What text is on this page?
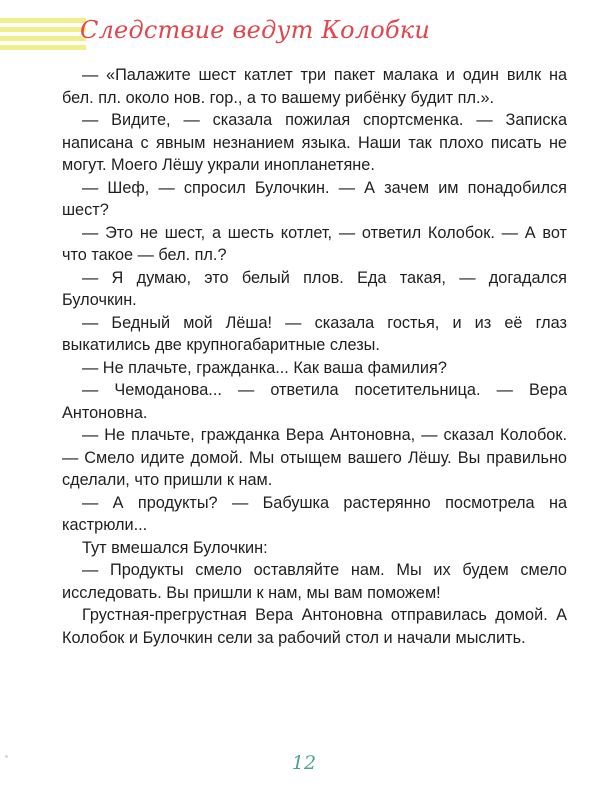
Следствие ведут Колобки

— «Палажите шест катлет три пакет малака и один вилк на бел. пл. около нов. гор., а то вашему рибёнку будит пл.».

— Видите, — сказала пожилая спортсменка. — Записка написана с явным незнанием языка. Наши так плохо писать не могут. Моего Лёшу украли инопланетяне.

— Шеф, — спросил Булочкин. — А зачем им понадобился шест?

— Это не шест, а шесть котлет, — ответил Колобок. — А вот что такое — бел. пл.?

— Я думаю, это белый плов. Еда такая, — догадался Булочкин.

— Бедный мой Лёша! — сказала гостья, и из её глаз выкатились две крупногабаритные слезы.

— Не плачьте, гражданка... Как ваша фамилия?

— Чемоданова... — ответила посетительница. — Вера Антоновна.

— Не плачьте, гражданка Вера Антоновна, — сказал Колобок. — Смело идите домой. Мы отыщем вашего Лёшу. Вы правильно сделали, что пришли к нам.

— А продукты? — Бабушка растерянно посмотрела на кастрюли...

Тут вмешался Булочкин:

— Продукты смело оставляйте нам. Мы их будем смело исследовать. Вы пришли к нам, мы вам поможем!

Грустная-прегрустная Вера Антоновна отправилась домой. А Колобок и Булочкин сели за рабочий стол и начали мыслить.

12
